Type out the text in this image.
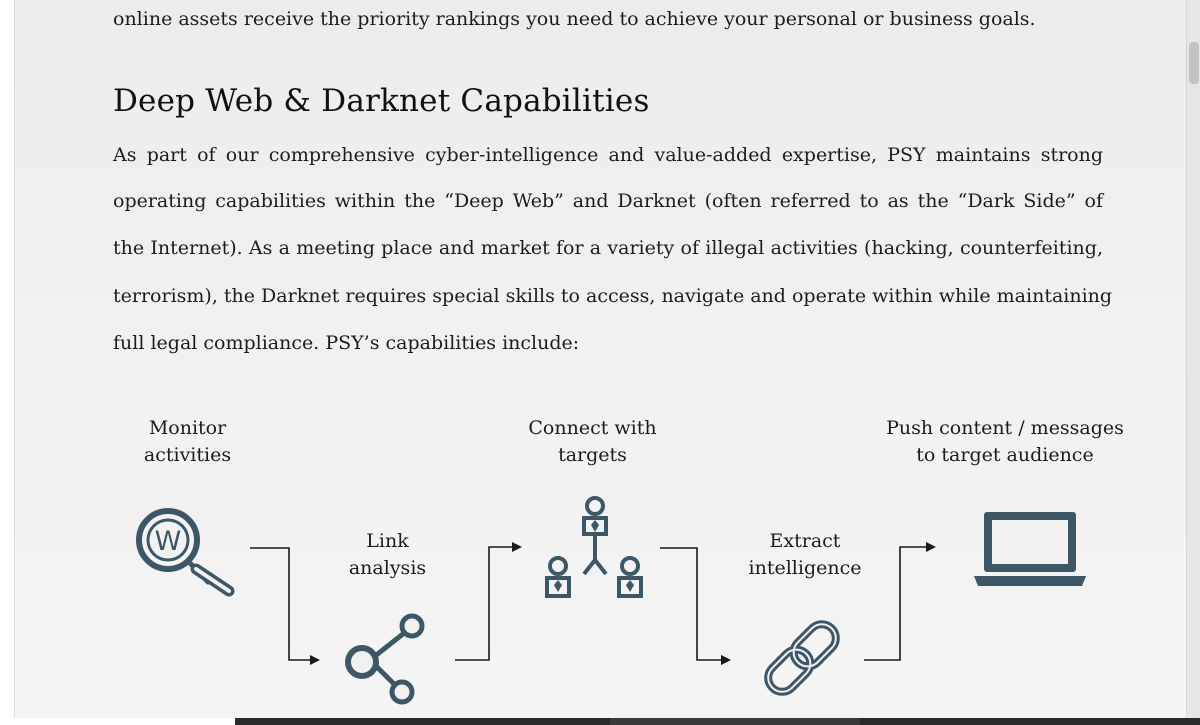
online assets receive the priority rankings you need to achieve your personal or business goals.

Deep Web & Darknet Capabilities

As part of our comprehensive cyber-intelligence and value-added expertise, PSY maintains strong

operating capabilities within the “Deep Web” and Darknet (often referred to as the “Dark Side” of

the Internet). As a meeting place and market for a variety of illegal activities (hacking, counterfeiting,

terrorism), the Darknet requires special skills to access, navigate and operate within while maintaining

full legal compliance. PSY’s capabilities include:

Monitor
activities
Link
analysis
Connect with
targets
Extract
intelligence
Push content / messages
to target audience
W
